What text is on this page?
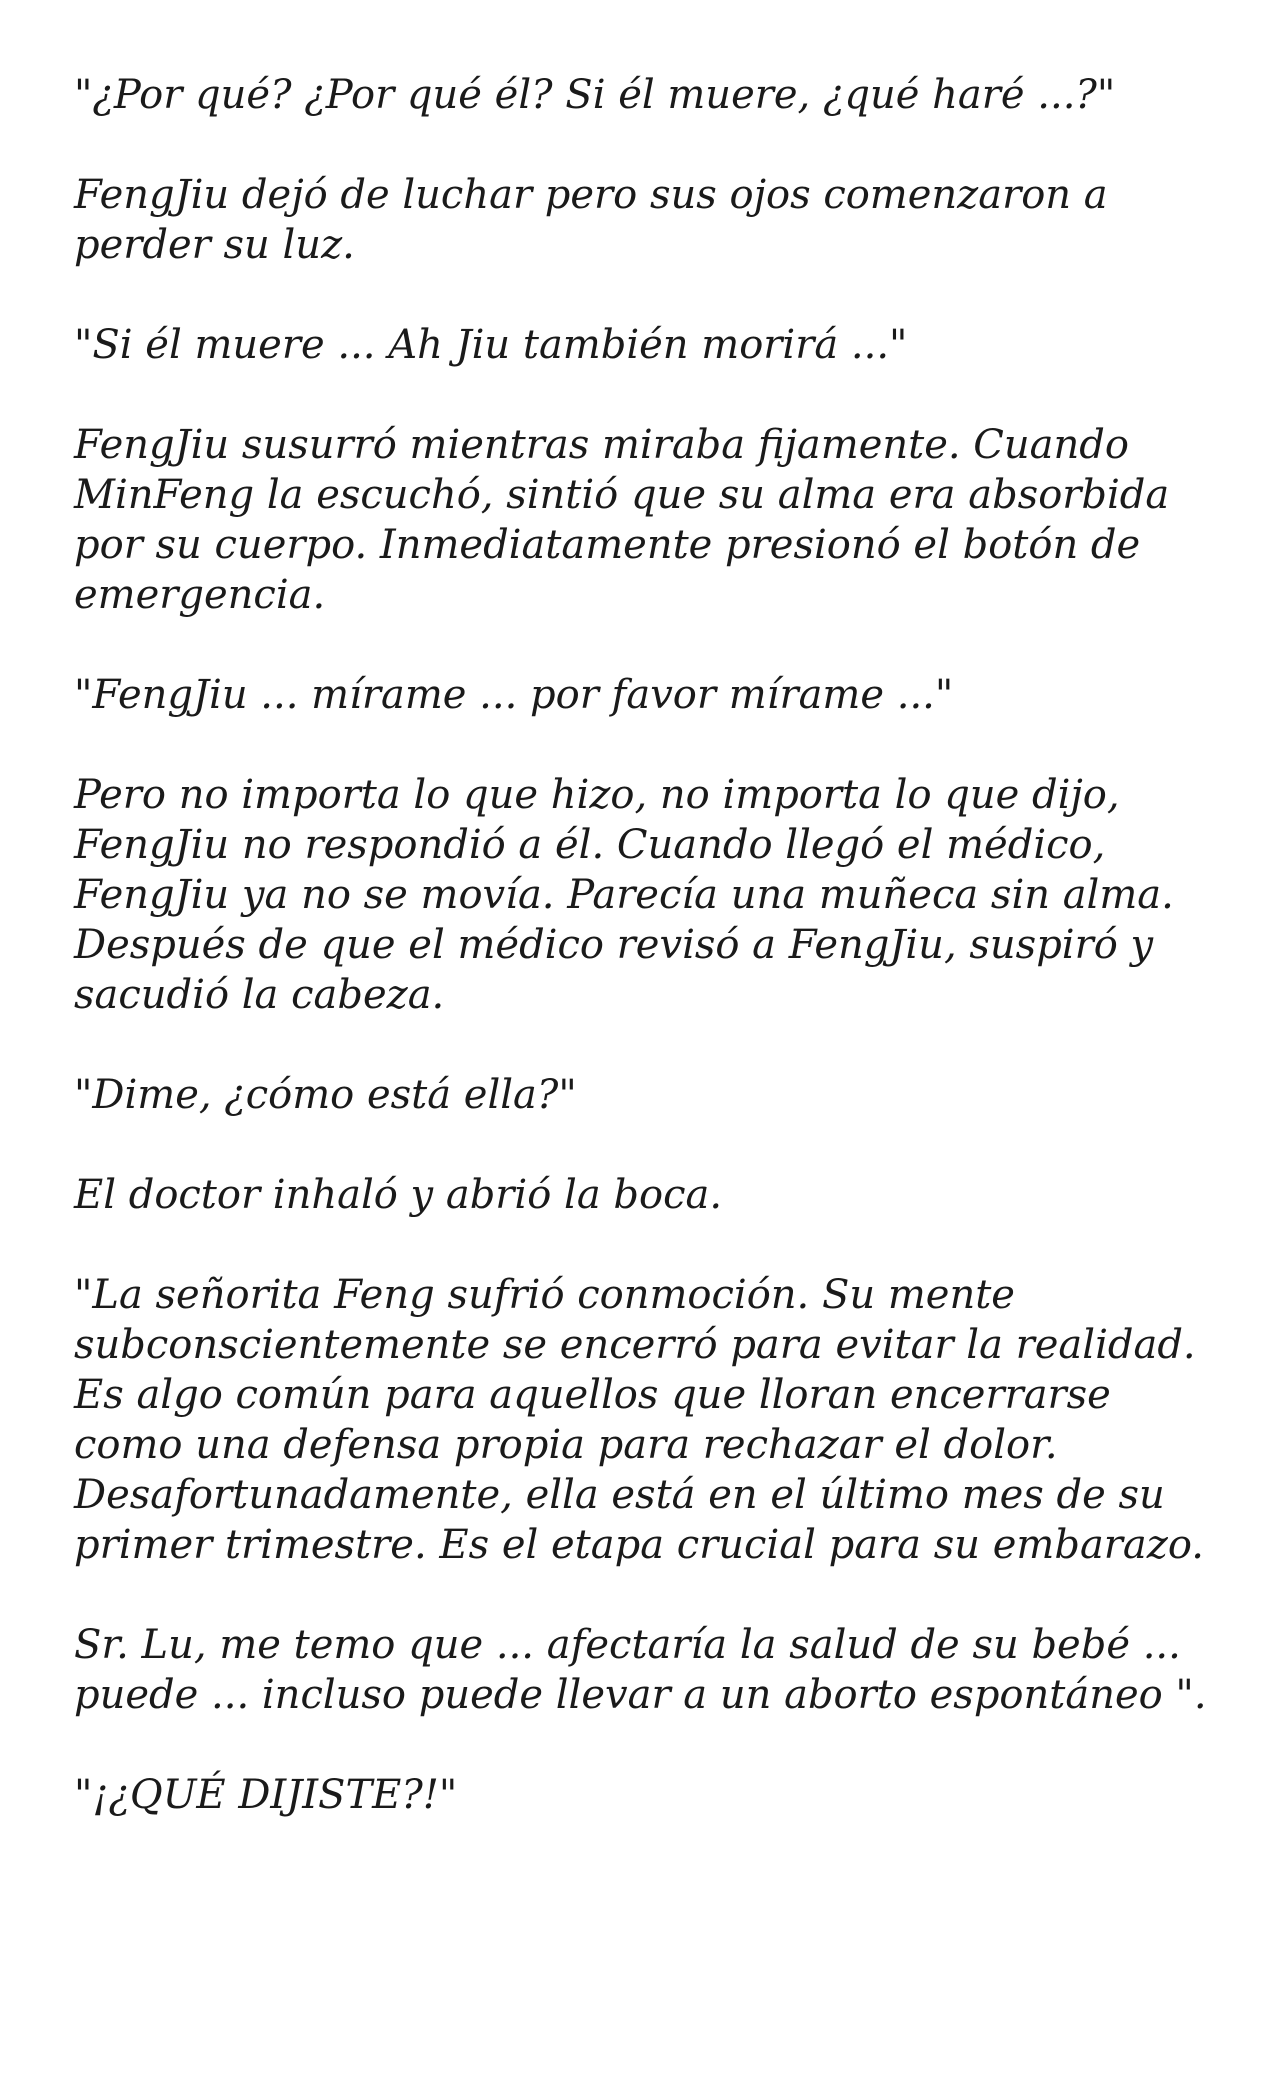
"¿Por qué? ¿Por qué él? Si él muere, ¿qué haré ...?"

FengJiu dejó de luchar pero sus ojos comenzaron a perder su luz.

"Si él muere ... Ah Jiu también morirá ..."

FengJiu susurró mientras miraba fijamente. Cuando MinFeng la escuchó, sintió que su alma era absorbida por su cuerpo. Inmediatamente presionó el botón de emergencia.

"FengJiu ... mírame ... por favor mírame ..."

Pero no importa lo que hizo, no importa lo que dijo, FengJiu no respondió a él. Cuando llegó el médico, FengJiu ya no se movía. Parecía una muñeca sin alma. Después de que el médico revisó a FengJiu, suspiró y sacudió la cabeza.

"Dime, ¿cómo está ella?"

El doctor inhaló y abrió la boca.

"La señorita Feng sufrió conmoción. Su mente subconscientemente se encerró para evitar la realidad. Es algo común para aquellos que lloran encerrarse como una defensa propia para rechazar el dolor. Desafortunadamente, ella está en el último mes de su primer trimestre. Es el etapa crucial para su embarazo.

Sr. Lu, me temo que ... afectaría la salud de su bebé ... puede ... incluso puede llevar a un aborto espontáneo ".

"¡¿QUÉ DIJISTE?!"
